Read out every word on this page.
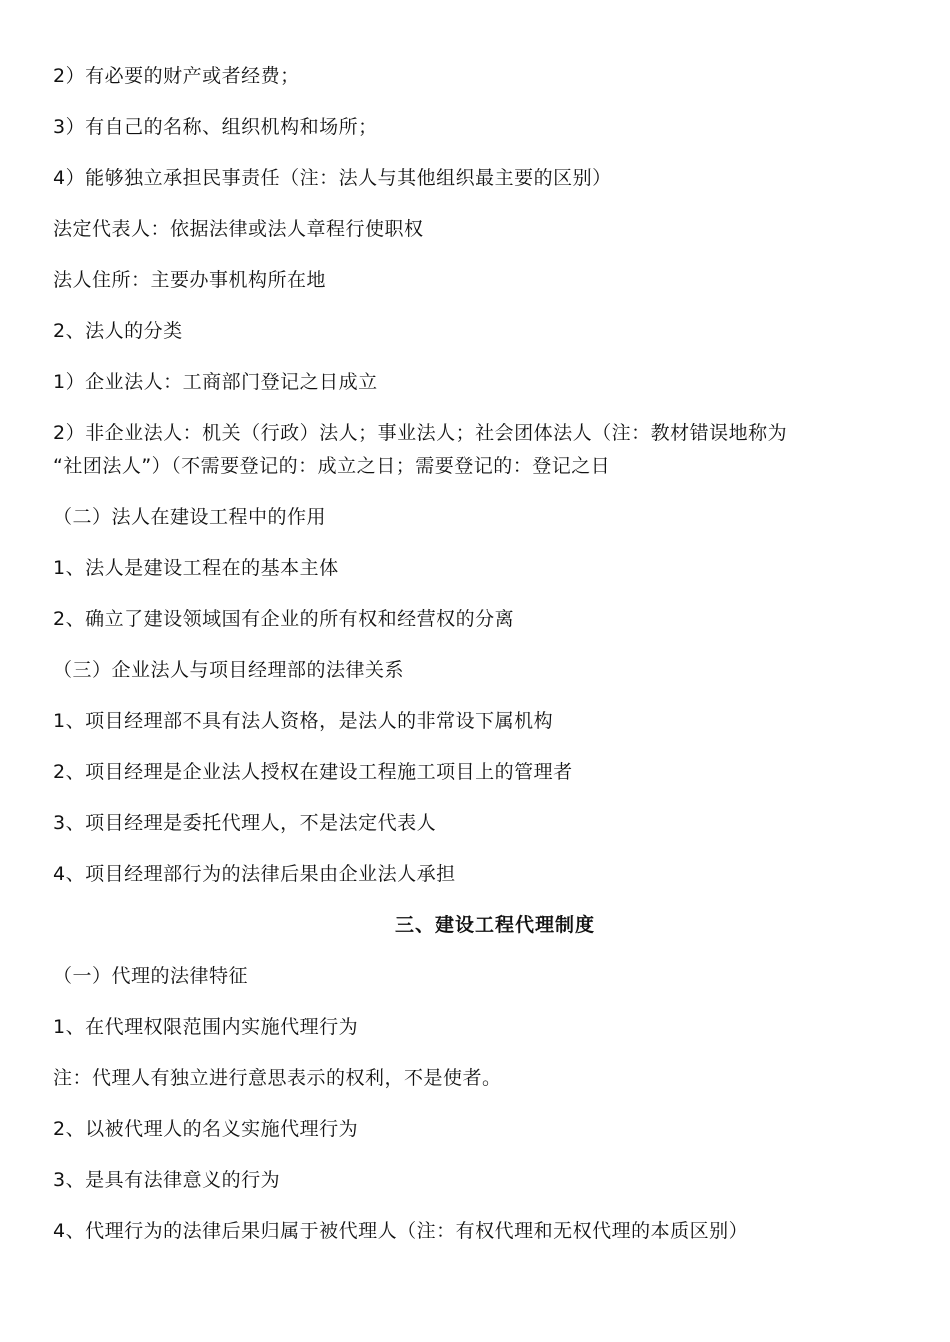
2）有必要的财产或者经费；
3）有自己的名称、组织机构和场所；
4）能够独立承担民事责任（注：法人与其他组织最主要的区别）
法定代表人：依据法律或法人章程行使职权
法人住所：主要办事机构所在地
2、法人的分类
1）企业法人：工商部门登记之日成立
2）非企业法人：机关（行政）法人；事业法人；社会团体法人（注：教材错误地称为
“社团法人”）（不需要登记的：成立之日；需要登记的：登记之日
（二）法人在建设工程中的作用
1、法人是建设工程在的基本主体
2、确立了建设领域国有企业的所有权和经营权的分离
（三）企业法人与项目经理部的法律关系
1、项目经理部不具有法人资格，是法人的非常设下属机构
2、项目经理是企业法人授权在建设工程施工项目上的管理者
3、项目经理是委托代理人，不是法定代表人
4、项目经理部行为的法律后果由企业法人承担
三、建设工程代理制度
（一）代理的法律特征
1、在代理权限范围内实施代理行为
注：代理人有独立进行意思表示的权利，不是使者。
2、以被代理人的名义实施代理行为
3、是具有法律意义的行为
4、代理行为的法律后果归属于被代理人（注：有权代理和无权代理的本质区别）
